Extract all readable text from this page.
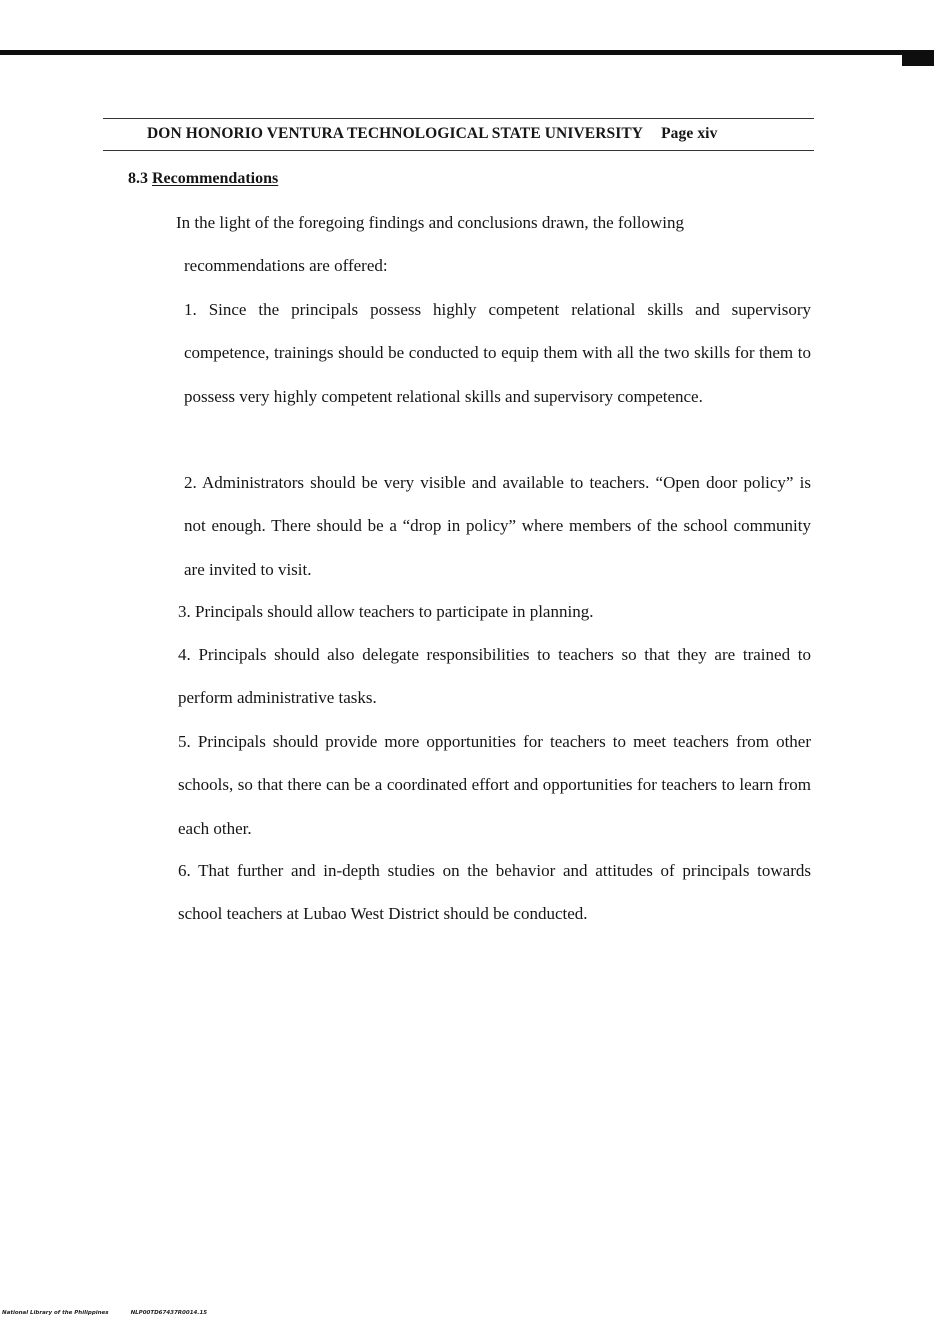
DON HONORIO VENTURA TECHNOLOGICAL STATE UNIVERSITY Page xiv
8.3 Recommendations

In the light of the foregoing findings and conclusions drawn, the following
recommendations are offered:

1. Since the principals possess highly competent relational skills and supervisory competence, trainings should be conducted to equip them with all the two skills for them to possess very highly competent relational skills and supervisory competence.

2. Administrators should be very visible and available to teachers. “Open door policy” is not enough. There should be a “drop in policy” where members of the school community are invited to visit.

3. Principals should allow teachers to participate in planning.

4. Principals should also delegate responsibilities to teachers so that they are trained to perform administrative tasks.

5. Principals should provide more opportunities for teachers to meet teachers from other schools, so that there can be a coordinated effort and opportunities for teachers to learn from each other.

6. That further and in-depth studies on the behavior and attitudes of principals towards school teachers at Lubao West District should be conducted.

National Library of the Philippines	NLP00TD67437R0014.15
